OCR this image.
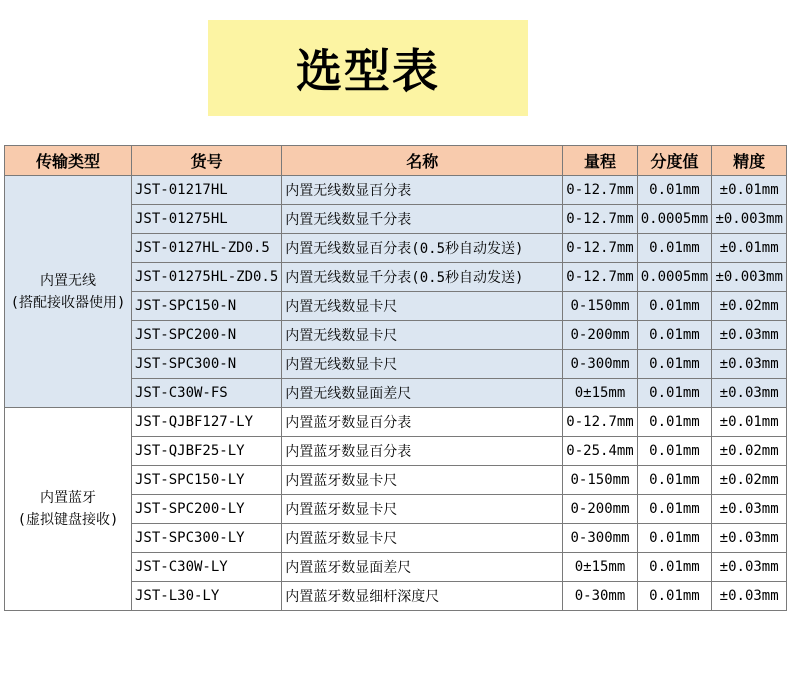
选型表
传输类型	货号	名称	量程	分度值	精度

内置无线
(搭配接收器使用)	JST-01217HL	内置无线数显百分表	0-12.7mm	0.01mm	±0.01mm
	JST-01275HL	内置无线数显千分表	0-12.7mm	0.0005mm	±0.003mm
	JST-0127HL-ZD0.5	内置无线数显百分表(0.5秒自动发送)	0-12.7mm	0.01mm	±0.01mm
	JST-01275HL-ZD0.5	内置无线数显千分表(0.5秒自动发送)	0-12.7mm	0.0005mm	±0.003mm
	JST-SPC150-N	内置无线数显卡尺	0-150mm	0.01mm	±0.02mm
	JST-SPC200-N	内置无线数显卡尺	0-200mm	0.01mm	±0.03mm
	JST-SPC300-N	内置无线数显卡尺	0-300mm	0.01mm	±0.03mm
	JST-C30W-FS	内置无线数显面差尺	0±15mm	0.01mm	±0.03mm

内置蓝牙
(虚拟键盘接收)	JST-QJBF127-LY	内置蓝牙数显百分表	0-12.7mm	0.01mm	±0.01mm
	JST-QJBF25-LY	内置蓝牙数显百分表	0-25.4mm	0.01mm	±0.02mm
	JST-SPC150-LY	内置蓝牙数显卡尺	0-150mm	0.01mm	±0.02mm
	JST-SPC200-LY	内置蓝牙数显卡尺	0-200mm	0.01mm	±0.03mm
	JST-SPC300-LY	内置蓝牙数显卡尺	0-300mm	0.01mm	±0.03mm
	JST-C30W-LY	内置蓝牙数显面差尺	0±15mm	0.01mm	±0.03mm
	JST-L30-LY	内置蓝牙数显细杆深度尺	0-30mm	0.01mm	±0.03mm
